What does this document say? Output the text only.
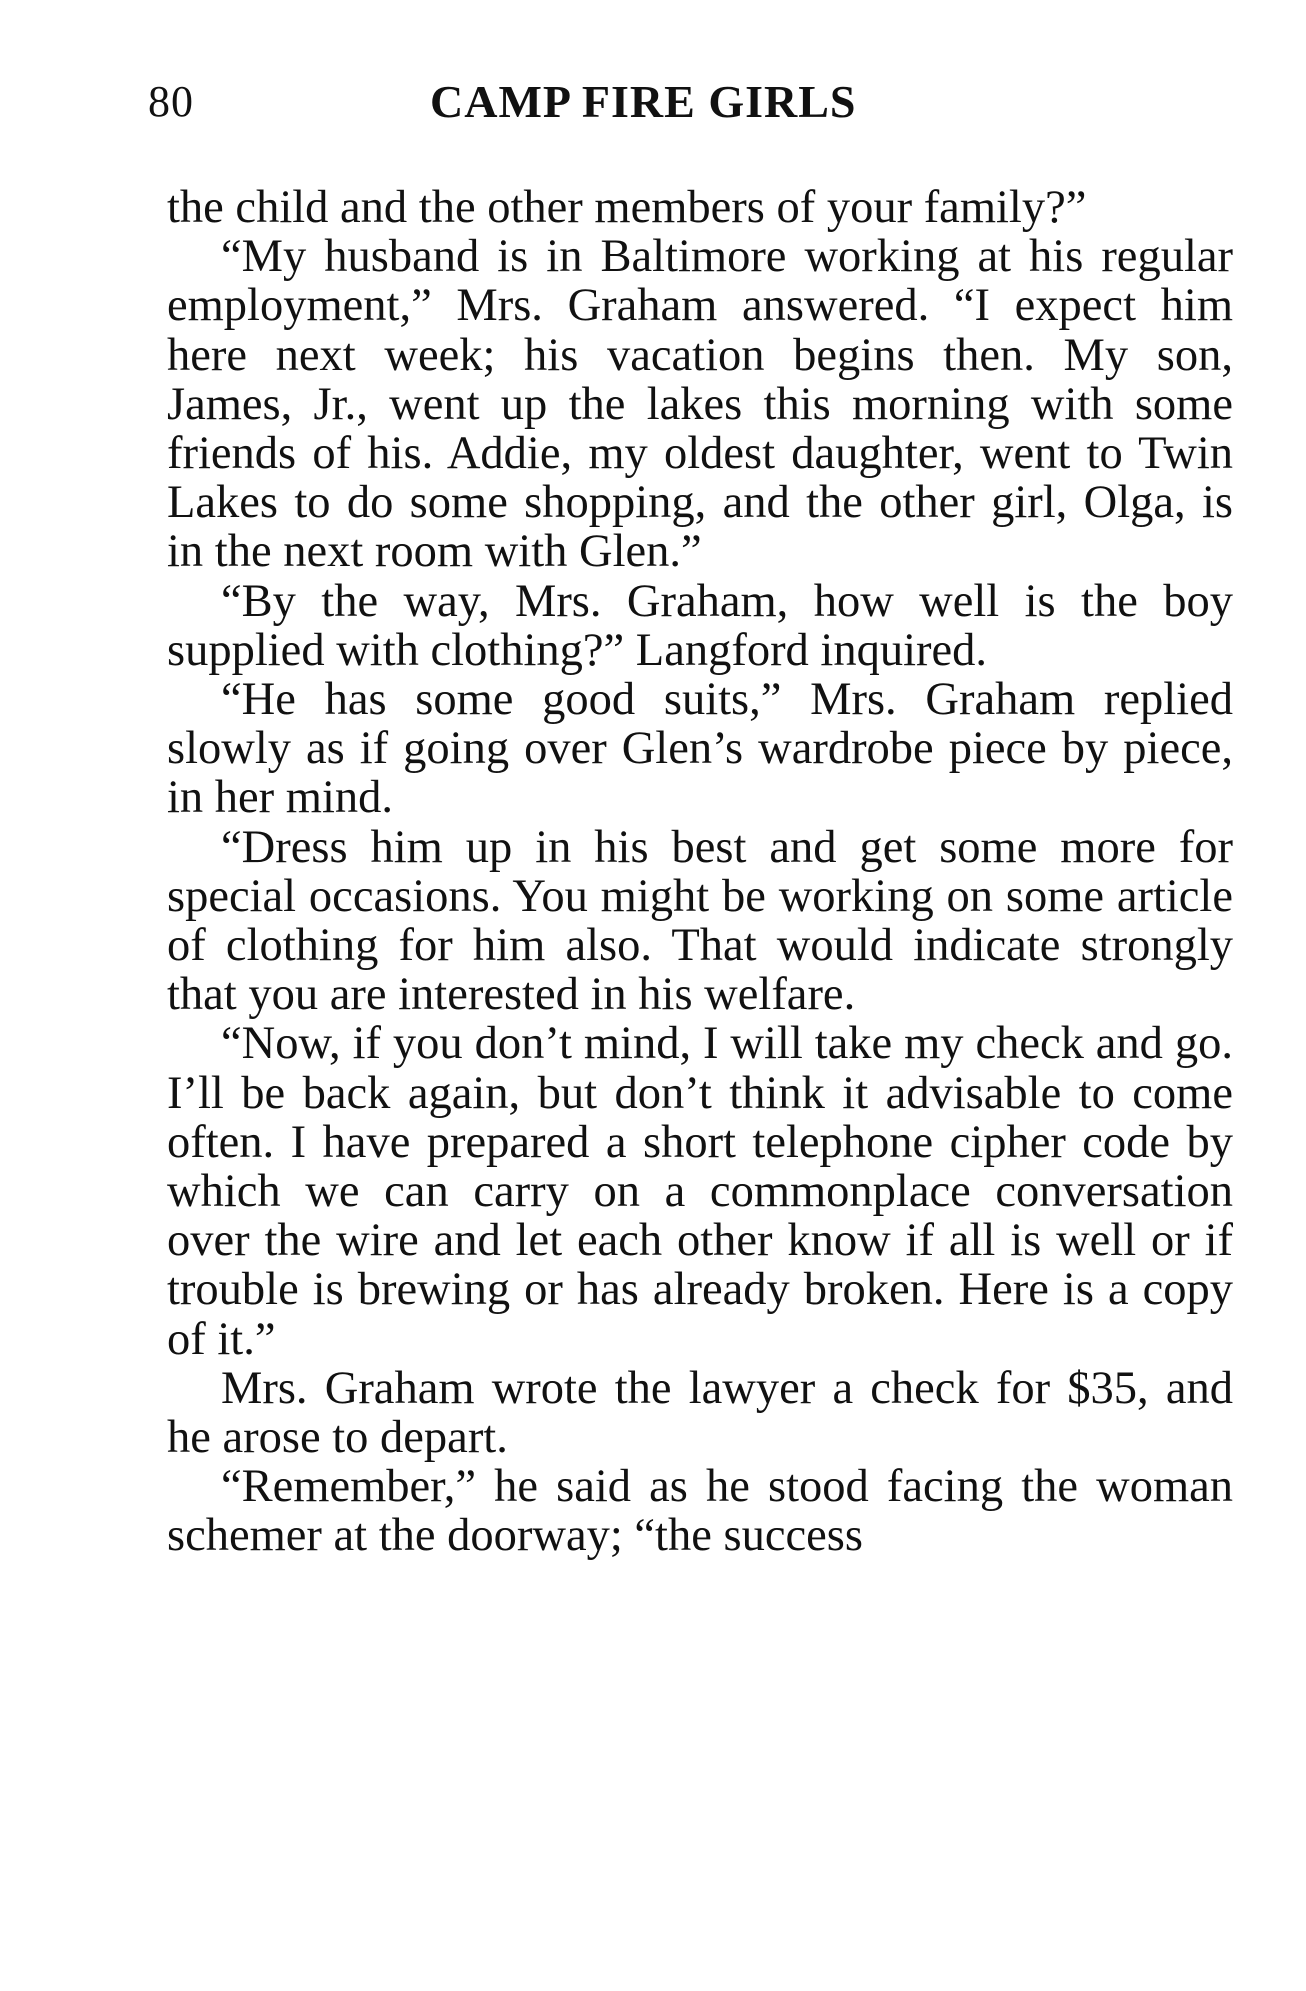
80	CAMP FIRE GIRLS

the child and the other members of your family?”

“My husband is in Baltimore working at his regular employment,” Mrs. Graham answered. “I expect him here next week; his vacation begins then. My son, James, Jr., went up the lakes this morning with some friends of his. Addie, my oldest daughter, went to Twin Lakes to do some shopping, and the other girl, Olga, is in the next room with Glen.”

“By the way, Mrs. Graham, how well is the boy supplied with clothing?” Langford inquired.

“He has some good suits,” Mrs. Graham replied slowly as if going over Glen’s wardrobe piece by piece, in her mind.

“Dress him up in his best and get some more for special occasions. You might be working on some article of clothing for him also. That would indicate strongly that you are interested in his welfare.

“Now, if you don’t mind, I will take my check and go. I’ll be back again, but don’t think it advisable to come often. I have prepared a short telephone cipher code by which we can carry on a commonplace conversation over the wire and let each other know if all is well or if trouble is brewing or has already broken. Here is a copy of it.”

Mrs. Graham wrote the lawyer a check for $35, and he arose to depart.

“Remember,” he said as he stood facing the woman schemer at the doorway; “the success
